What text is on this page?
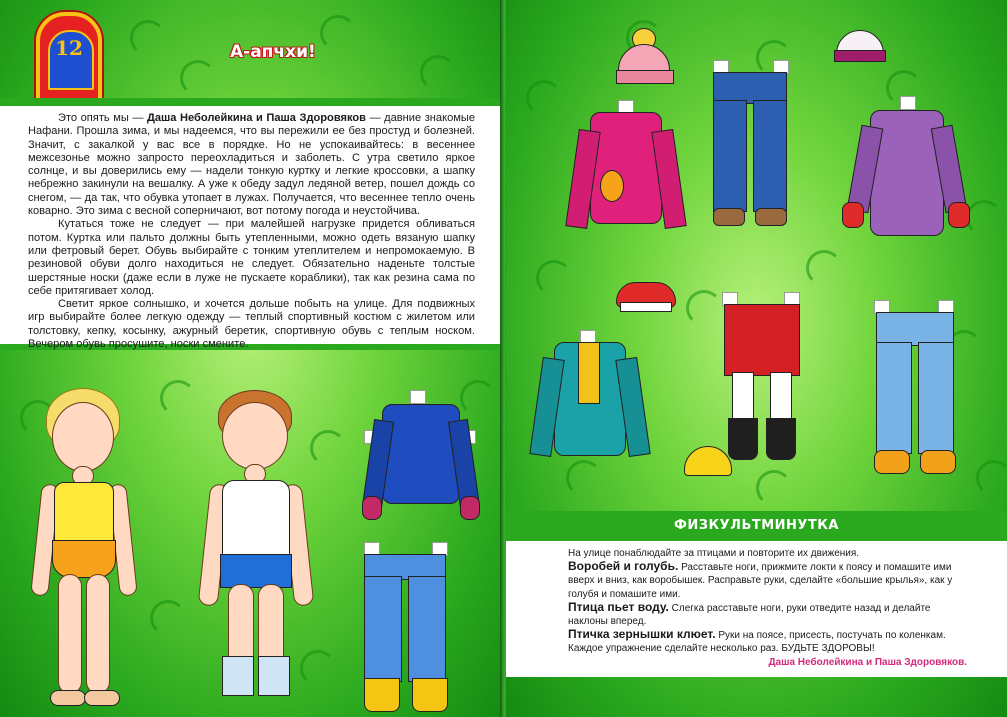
12	А-апчхи!

Это опять мы — Даша Неболейкина и Паша Здоровяков — давние знакомые Нафани. Прошла зима, и мы надеемся, что вы пережили ее без простуд и болезней. Значит, с закалкой у вас все в порядке. Но не успокаивайтесь: в весеннее межсезонье можно запросто переохладиться и заболеть. С утра светило яркое солнце, и вы доверились ему — надели тонкую куртку и легкие кроссовки, а шапку небрежно закинули на вешалку. А уже к обеду задул ледяной ветер, пошел дождь со снегом, — да так, что обувка утопает в лужах. Получается, что весеннее тепло очень коварно. Это зима с весной соперничают, вот потому погода и неустойчива.

Кутаться тоже не следует — при малейшей нагрузке придется обливаться потом. Куртка или пальто должны быть утепленными, можно одеть вязаную шапку или фетровый берет. Обувь выбирайте с тонким утеплителем и непромокаемую. В резиновой обуви долго находиться не следует. Обязательно наденьте толстые шерстяные носки (даже если в луже не пускаете кораблики), так как резина сама по себе притягивает холод.

Светит яркое солнышко, и хочется дольше побыть на улице. Для подвижных игр выбирайте более легкую одежду — теплый спортивный костюм с жилетом или толстовку, кепку, косынку, ажурный беретик, спортивную обувь с теплым носком. Вечером обувь просушите, носки смените.

ФИЗКУЛЬТМИНУТКА

На улице понаблюдайте за птицами и повторите их движения.

Воробей и голубь. Расставьте ноги, прижмите локти к поясу и помашите ими вверх и вниз, как воробышек. Расправьте руки, сделайте «большие крылья», как у голубя и помашите ими.

Птица пьет воду. Слегка расставьте ноги, руки отведите назад и делайте наклоны вперед.

Птичка зернышки клюет. Руки на поясе, присесть, постучать по коленкам.

Каждое упражнение сделайте несколько раз. БУДЬТЕ ЗДОРОВЫ!

Даша Неболейкина и Паша Здоровяков.
